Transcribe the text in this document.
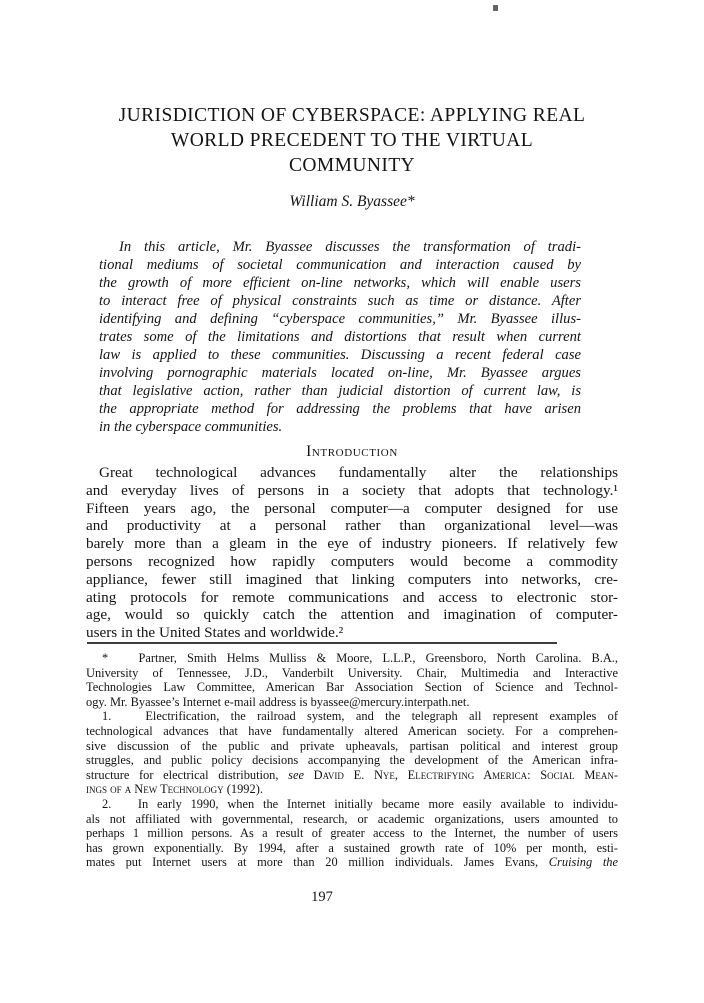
JURISDICTION OF CYBERSPACE: APPLYING REAL
WORLD PRECEDENT TO THE VIRTUAL
COMMUNITY
William S. Byassee*
In this article, Mr. Byassee discusses the transformation of tradi-
tional mediums of societal communication and interaction caused by
the growth of more efficient on-line networks, which will enable users
to interact free of physical constraints such as time or distance. After
identifying and defining “cyberspace communities,” Mr. Byassee illus-
trates some of the limitations and distortions that result when current
law is applied to these communities. Discussing a recent federal case
involving pornographic materials located on-line, Mr. Byassee argues
that legislative action, rather than judicial distortion of current law, is
the appropriate method for addressing the problems that have arisen
in the cyberspace communities.
Introduction
Great technological advances fundamentally alter the relationships
and everyday lives of persons in a society that adopts that technology.¹
Fifteen years ago, the personal computer—a computer designed for use
and productivity at a personal rather than organizational level—was
barely more than a gleam in the eye of industry pioneers. If relatively few
persons recognized how rapidly computers would become a commodity
appliance, fewer still imagined that linking computers into networks, cre-
ating protocols for remote communications and access to electronic stor-
age, would so quickly catch the attention and imagination of computer-
users in the United States and worldwide.²
*   Partner, Smith Helms Mulliss & Moore, L.L.P., Greensboro, North Carolina. B.A.,
University of Tennessee, J.D., Vanderbilt University. Chair, Multimedia and Interactive
Technologies Law Committee, American Bar Association Section of Science and Technol-
ogy. Mr. Byassee’s Internet e-mail address is byassee@mercury.interpath.net.
1.   Electrification, the railroad system, and the telegraph all represent examples of
technological advances that have fundamentally altered American society. For a comprehen-
sive discussion of the public and private upheavals, partisan political and interest group
struggles, and public policy decisions accompanying the development of the American infra-
structure for electrical distribution, see David E. Nye, Electrifying America: Social Mean-
ings of a New Technology (1992).
2.   In early 1990, when the Internet initially became more easily available to individu-
als not affiliated with governmental, research, or academic organizations, users amounted to
perhaps 1 million persons. As a result of greater access to the Internet, the number of users
has grown exponentially. By 1994, after a sustained growth rate of 10% per month, esti-
mates put Internet users at more than 20 million individuals. James Evans, Cruising the
197
